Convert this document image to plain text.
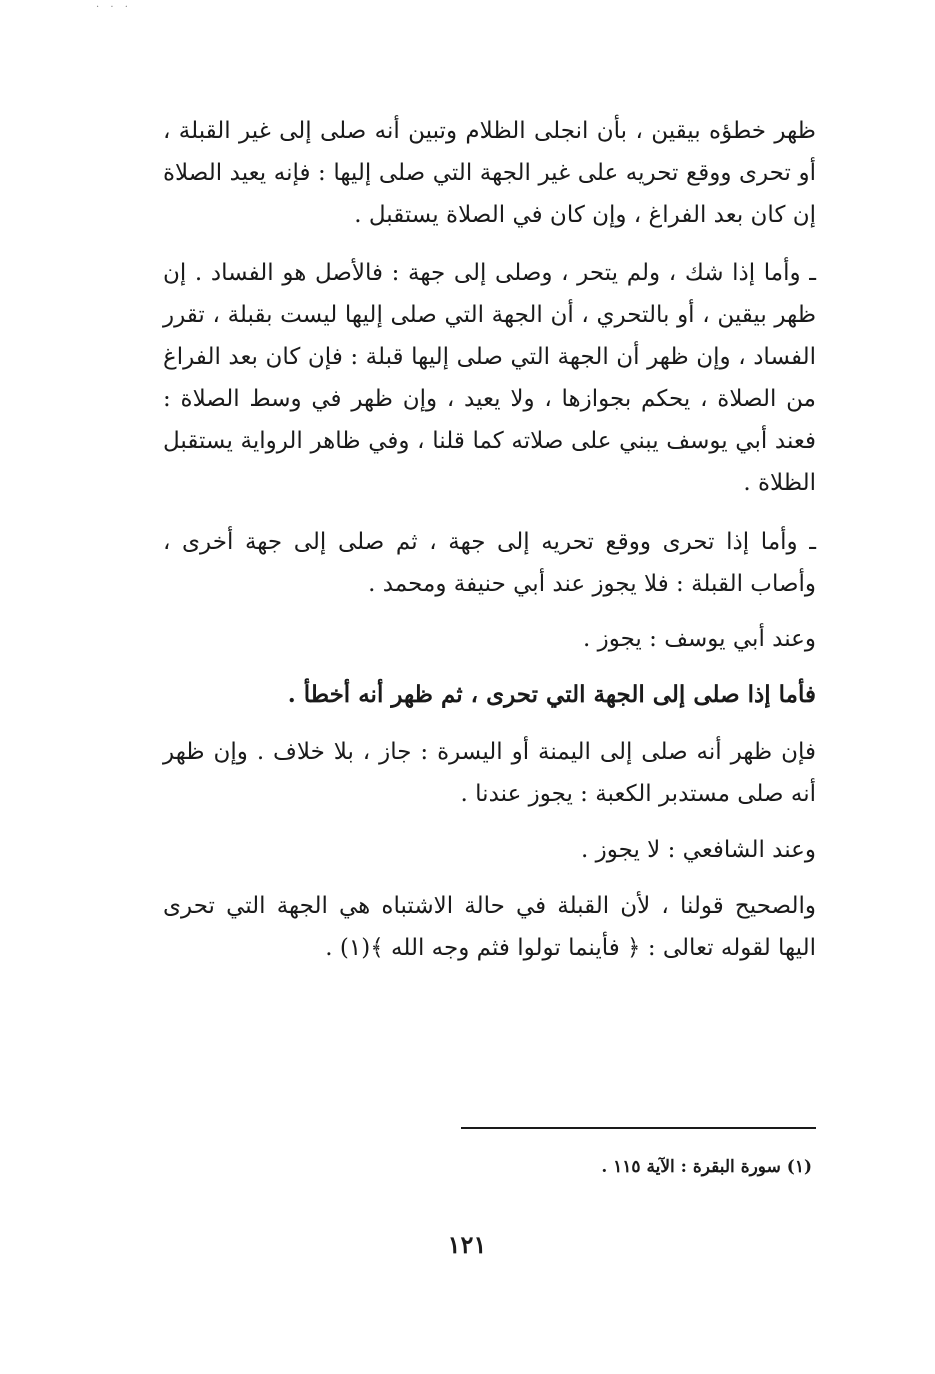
· · ·

ظهر خطؤه بيقين ، بأن انجلى الظلام وتبين أنه صلى إلى غير القبلة ، أو تحرى ووقع تحريه على غير الجهة التي صلى إليها : فإنه يعيد الصلاة إن كان بعد الفراغ ، وإن كان في الصلاة يستقبل .

ـ وأما إذا شك ، ولم يتحر ، وصلى إلى جهة : فالأصل هو الفساد . إن ظهر بيقين ، أو بالتحري ، أن الجهة التي صلى إليها ليست بقبلة ، تقرر الفساد ، وإن ظهر أن الجهة التي صلى إليها قبلة : فإن كان بعد الفراغ من الصلاة ، يحكم بجوازها ، ولا يعيد ، وإن ظهر في وسط الصلاة : فعند أبي يوسف يبني على صلاته كما قلنا ، وفي ظاهر الرواية يستقبل الظلاة .

ـ وأما إذا تحرى ووقع تحريه إلى جهة ، ثم صلى إلى جهة أخرى ، وأصاب القبلة : فلا يجوز عند أبي حنيفة ومحمد .

وعند أبي يوسف : يجوز .

فأما إذا صلى إلى الجهة التي تحرى ، ثم ظهر أنه أخطأ .

فإن ظهر أنه صلى إلى اليمنة أو اليسرة : جاز ، بلا خلاف . وإن ظهر أنه صلى مستدبر الكعبة : يجوز عندنا .

وعند الشافعي : لا يجوز .

والصحيح قولنا ، لأن القبلة في حالة الاشتباه هي الجهة التي تحرى اليها لقوله تعالى : ﴿ فأينما تولوا فثم وجه الله ﴾(١) .

(١) سورة البقرة : الآية ١١٥ .
١٢١
